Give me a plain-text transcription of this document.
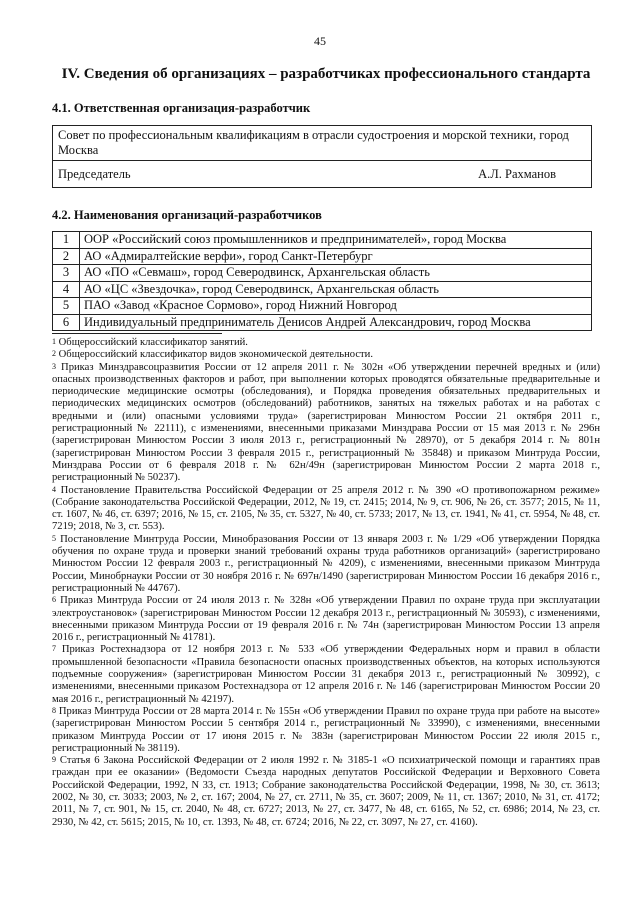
45
IV. Сведения об организациях – разработчиках профессионального стандарта
4.1. Ответственная организация-разработчик
Совет по профессиональным квалификациям в отрасли судостроения и морской техники, город Москва
Председатель	А.Л. Рахманов
4.2. Наименования организаций-разработчиков
1	ООР «Российский союз промышленников и предпринимателей», город Москва
2	АО «Адмиралтейские верфи», город Санкт-Петербург
3	АО «ПО «Севмаш», город Северодвинск, Архангельская область
4	АО «ЦС «Звездочка», город Северодвинск, Архангельская область
5	ПАО «Завод «Красное Сормово», город Нижний Новгород
6	Индивидуальный предприниматель Денисов Андрей Александрович, город Москва

$^1$ Общероссийский классификатор занятий.

$^2$ Общероссийский классификатор видов экономической деятельности.

$^3$ Приказ Минздравсоцразвития России от 12 апреля 2011 г. № 302н «Об утверждении перечней вредных и (или) опасных производственных факторов и работ, при выполнении которых проводятся обязательные предварительные и периодические медицинские осмотры (обследования), и Порядка проведения обязательных предварительных и периодических медицинских осмотров (обследований) работников, занятых на тяжелых работах и на работах с вредными и (или) опасными условиями труда» (зарегистрирован Минюстом России 21 октября 2011 г., регистрационный № 22111), с изменениями, внесенными приказами Минздрава России от 15 мая 2013 г. № 296н (зарегистрирован Минюстом России 3 июля 2013 г., регистрационный № 28970), от 5 декабря 2014 г. № 801н (зарегистрирован Минюстом России 3 февраля 2015 г., регистрационный № 35848) и приказом Минтруда России, Минздрава России от 6 февраля 2018 г. № 62н/49н (зарегистрирован Минюстом России 2 марта 2018 г., регистрационный № 50237).

$^4$ Постановление Правительства Российской Федерации от 25 апреля 2012 г. № 390 «О противопожарном режиме» (Собрание законодательства Российской Федерации, 2012, № 19, ст. 2415; 2014, № 9, ст. 906, № 26, ст. 3577; 2015, № 11, ст. 1607, № 46, ст. 6397; 2016, № 15, ст. 2105, № 35, ст. 5327, № 40, ст. 5733; 2017, № 13, ст. 1941, № 41, ст. 5954, № 48, ст. 7219; 2018, № 3, ст. 553).

$^5$ Постановление Минтруда России, Минобразования России от 13 января 2003 г. № 1/29 «Об утверждении Порядка обучения по охране труда и проверки знаний требований охраны труда работников организаций» (зарегистрировано Минюстом России 12 февраля 2003 г., регистрационный № 4209), с изменениями, внесенными приказом Минтруда России, Минобрнауки России от 30 ноября 2016 г. № 697н/1490 (зарегистрирован Минюстом России 16 декабря 2016 г., регистрационный № 44767).

$^6$ Приказ Минтруда России от 24 июля 2013 г. № 328н «Об утверждении Правил по охране труда при эксплуатации электроустановок» (зарегистрирован Минюстом России 12 декабря 2013 г., регистрационный № 30593), с изменениями, внесенными приказом Минтруда России от 19 февраля 2016 г. № 74н (зарегистрирован Минюстом России 13 апреля 2016 г., регистрационный № 41781).

$^7$ Приказ Ростехнадзора от 12 ноября 2013 г. № 533 «Об утверждении Федеральных норм и правил в области промышленной безопасности «Правила безопасности опасных производственных объектов, на которых используются подъемные сооружения» (зарегистрирован Минюстом России 31 декабря 2013 г., регистрационный № 30992), с изменениями, внесенными приказом Ростехнадзора от 12 апреля 2016 г. № 146 (зарегистрирован Минюстом России 20 мая 2016 г., регистрационный № 42197).

$^8$ Приказ Минтруда России от 28 марта 2014 г. № 155н «Об утверждении Правил по охране труда при работе на высоте» (зарегистрирован Минюстом России 5 сентября 2014 г., регистрационный № 33990), с изменениями, внесенными приказом Минтруда России от 17 июня 2015 г. № 383н (зарегистрирован Минюстом России 22 июля 2015 г., регистрационный № 38119).

$^9$ Статья 6 Закона Российской Федерации от 2 июля 1992 г. № 3185-1 «О психиатрической помощи и гарантиях прав граждан при ее оказании» (Ведомости Съезда народных депутатов Российской Федерации и Верховного Совета Российской Федерации, 1992, N 33, ст. 1913; Собрание законодательства Российской Федерации, 1998, № 30, ст. 3613; 2002, № 30, ст. 3033; 2003, № 2, ст. 167; 2004, № 27, ст. 2711, № 35, ст. 3607; 2009, № 11, ст. 1367; 2010, № 31, ст. 4172; 2011, № 7, ст. 901, № 15, ст. 2040, № 48, ст. 6727; 2013, № 27, ст. 3477, № 48, ст. 6165, № 52, ст. 6986; 2014, № 23, ст. 2930, № 42, ст. 5615; 2015, № 10, ст. 1393, № 48, ст. 6724; 2016, № 22, ст. 3097, № 27, ст. 4160).
